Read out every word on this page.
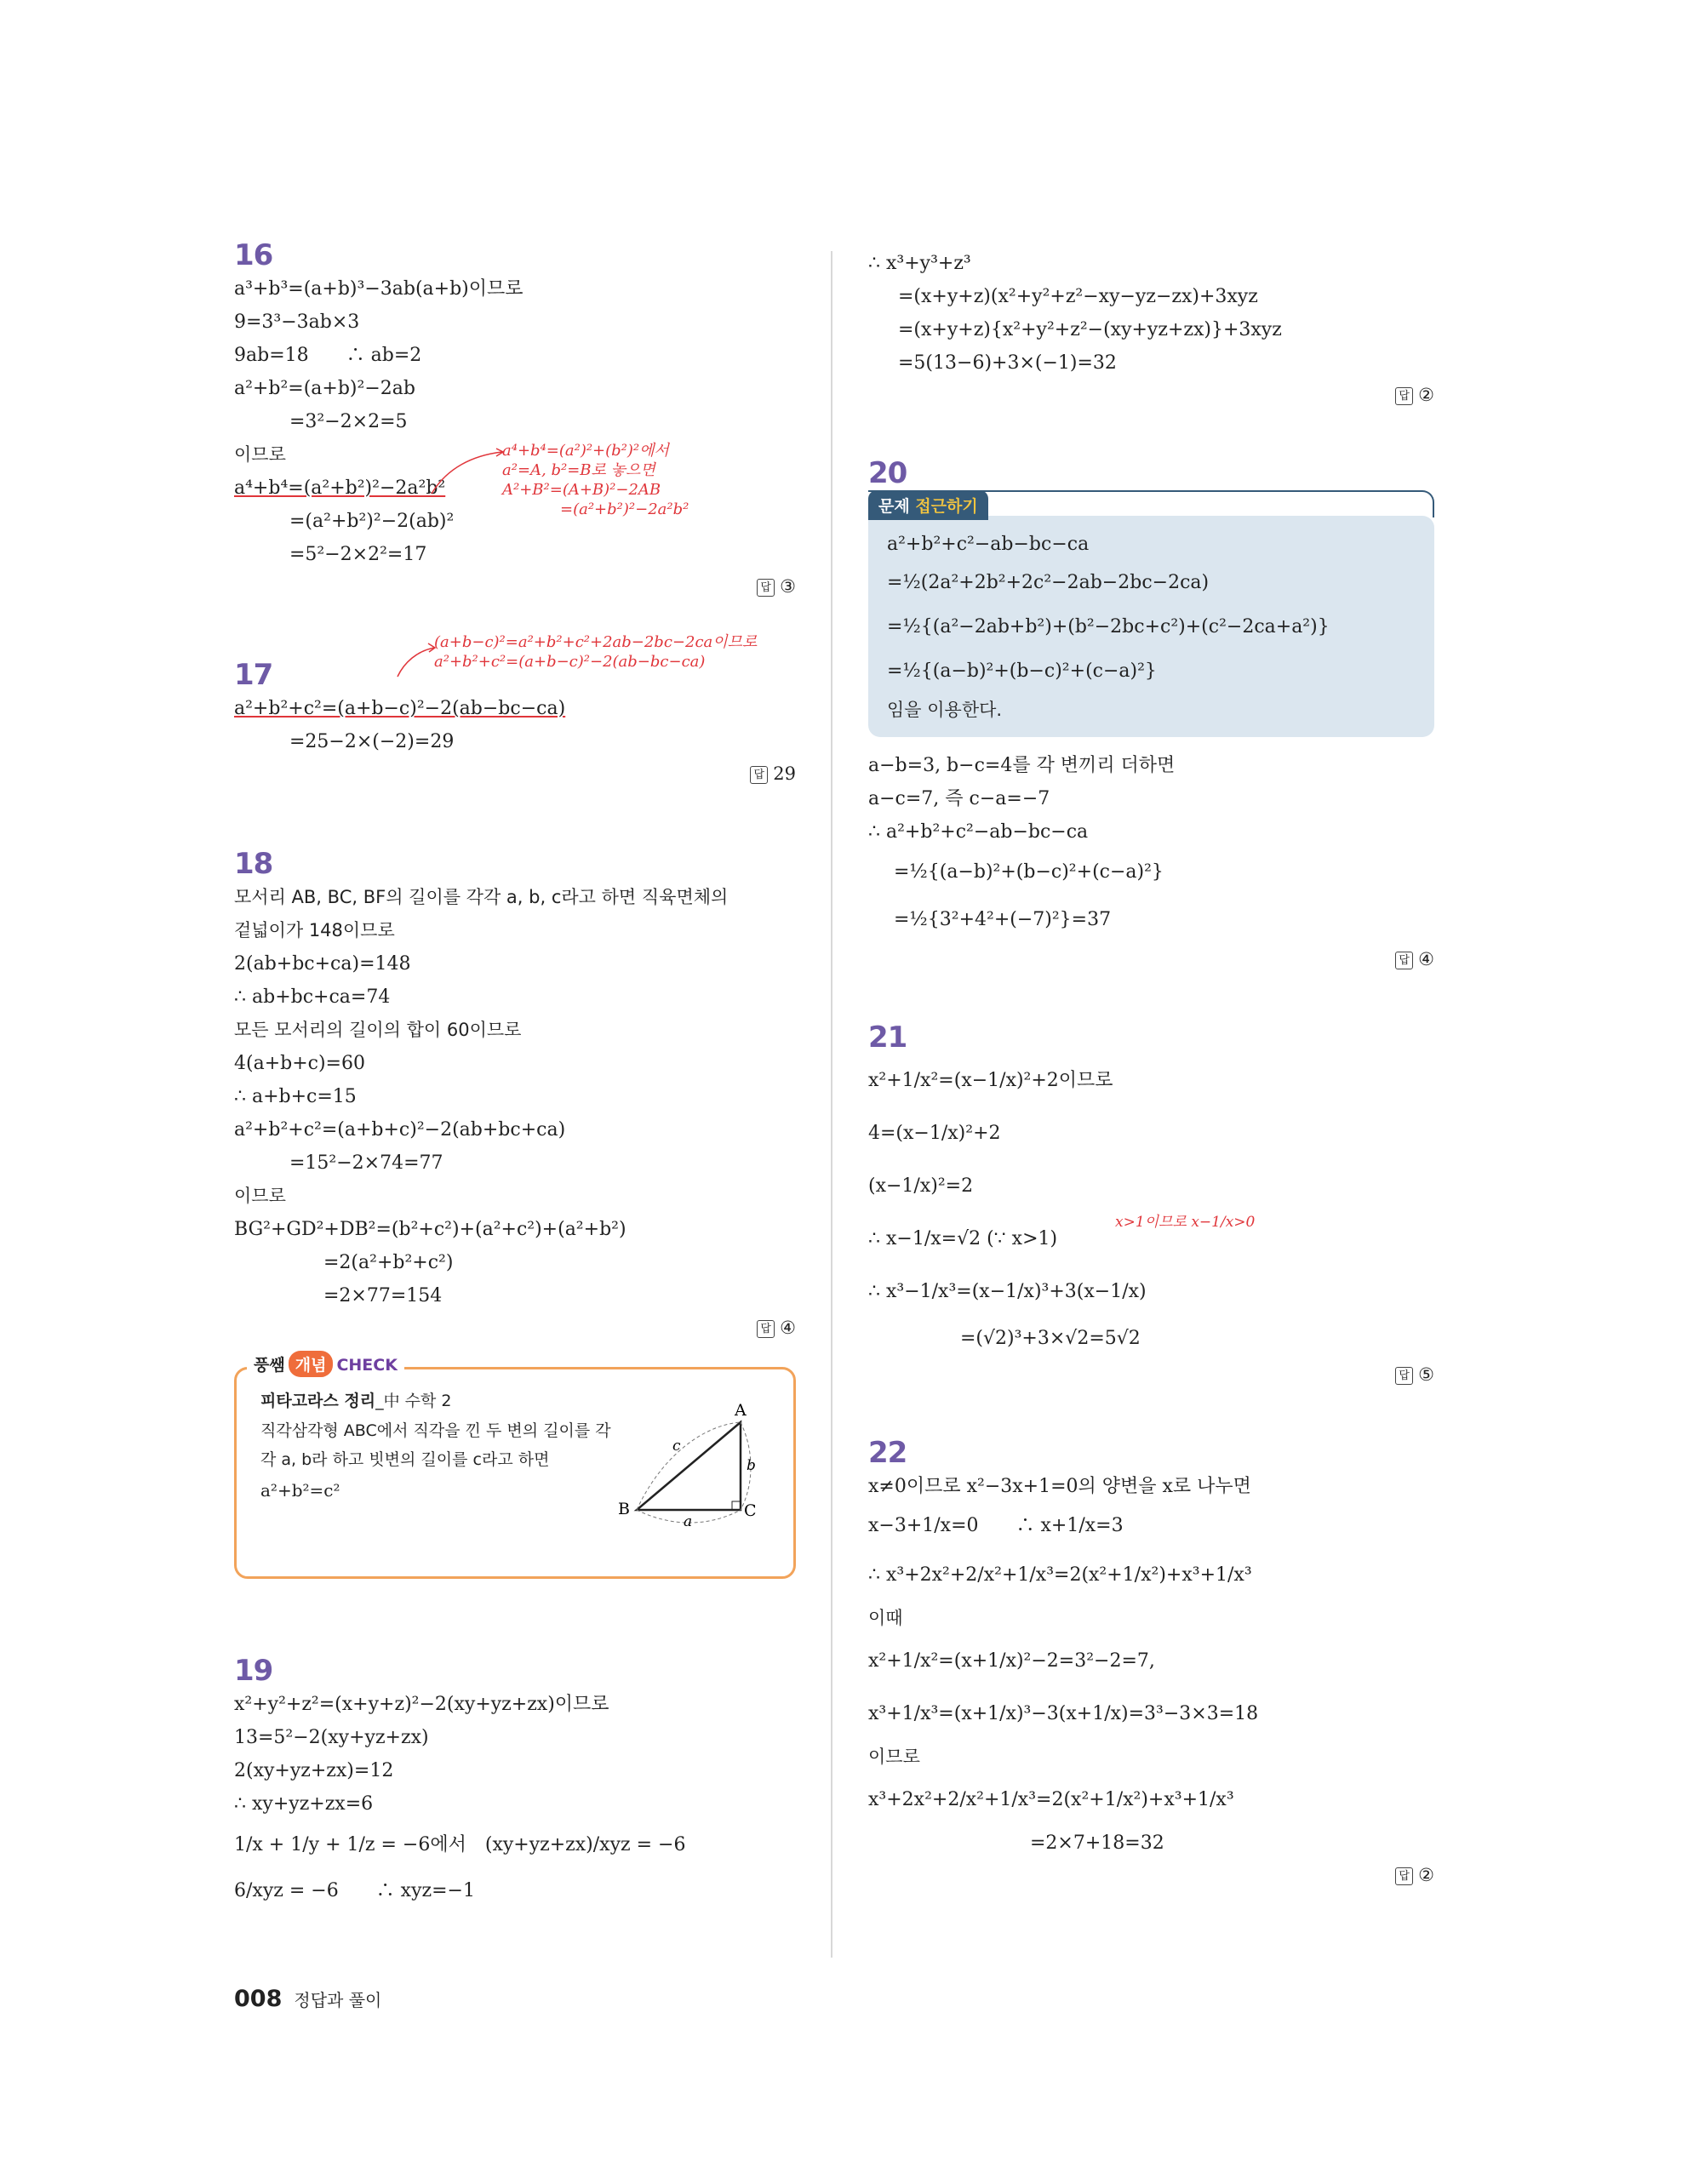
16
a³+b³=(a+b)³−3ab(a+b)이므로
9=3³−3ab×3
9ab=18　　∴ ab=2
a²+b²=(a+b)²−2ab
=3²−2×2=5
이므로
a⁴+b⁴=(a²+b²)²−2a²b²
=(a²+b²)²−2(ab)²
=5²−2×2²=17
a⁴+b⁴=(a²)²+(b²)²에서
a²=A, b²=B로 놓으면
A²+B²=(A+B)²−2AB
=(a²+b²)²−2a²b²
답 ③
17
a²+b²+c²=(a+b−c)²−2(ab−bc−ca)
=25−2×(−2)=29
(a+b−c)²=a²+b²+c²+2ab−2bc−2ca이므로
a²+b²+c²=(a+b−c)²−2(ab−bc−ca)
답 29
18
모서리 AB, BC, BF의 길이를 각각 a, b, c라고 하면 직육면체의
겉넓이가 148이므로
2(ab+bc+ca)=148
∴ ab+bc+ca=74
모든 모서리의 길이의 합이 60이므로
4(a+b+c)=60
∴ a+b+c=15
a²+b²+c²=(a+b+c)²−2(ab+bc+ca)
=15²−2×74=77
이므로
BG²+GD²+DB²=(b²+c²)+(a²+c²)+(a²+b²)
=2(a²+b²+c²)
=2×77=154
답 ④
풍쌤 개념 CHECK
피타고라스 정리_中 수학 2
직각삼각형 ABC에서 직각을 낀 두 변의 길이를 각각 a, b라 하고 빗변의 길이를 c라고 하면
a²+b²=c²
A
B	C
a
b
c
19
x²+y²+z²=(x+y+z)²−2(xy+yz+zx)이므로
13=5²−2(xy+yz+zx)
2(xy+yz+zx)=12
∴ xy+yz+zx=6
1/x + 1/y + 1/z = −6에서　 (xy+yz+zx)/xyz = −6
6/xyz = −6　　∴ xyz=−1
∴ x³+y³+z³
=(x+y+z)(x²+y²+z²−xy−yz−zx)+3xyz
=(x+y+z){x²+y²+z²−(xy+yz+zx)}+3xyz
=5(13−6)+3×(−1)=32
답 ②
20
문제 접근하기
a²+b²+c²−ab−bc−ca
=½(2a²+2b²+2c²−2ab−2bc−2ca)
=½{(a²−2ab+b²)+(b²−2bc+c²)+(c²−2ca+a²)}
=½{(a−b)²+(b−c)²+(c−a)²}
임을 이용한다.
a−b=3, b−c=4를 각 변끼리 더하면
a−c=7, 즉 c−a=−7
∴ a²+b²+c²−ab−bc−ca
=½{(a−b)²+(b−c)²+(c−a)²}
=½{3²+4²+(−7)²}=37
답 ④
21
x²+1/x²=(x−1/x)²+2이므로
4=(x−1/x)²+2
(x−1/x)²=2
∴ x−1/x=√2 (∵ x>1)
∴ x³−1/x³=(x−1/x)³+3(x−1/x)
=(√2)³+3×√2=5√2
x>1이므로 x−1/x>0
답 ⑤
22
x≠0이므로 x²−3x+1=0의 양변을 x로 나누면
x−3+1/x=0　　∴ x+1/x=3
∴ x³+2x²+2/x²+1/x³=2(x²+1/x²)+x³+1/x³
이때
x²+1/x²=(x+1/x)²−2=3²−2=7,
x³+1/x³=(x+1/x)³−3(x+1/x)=3³−3×3=18
이므로
x³+2x²+2/x²+1/x³=2(x²+1/x²)+x³+1/x³
=2×7+18=32
답 ②
008 정답과 풀이
